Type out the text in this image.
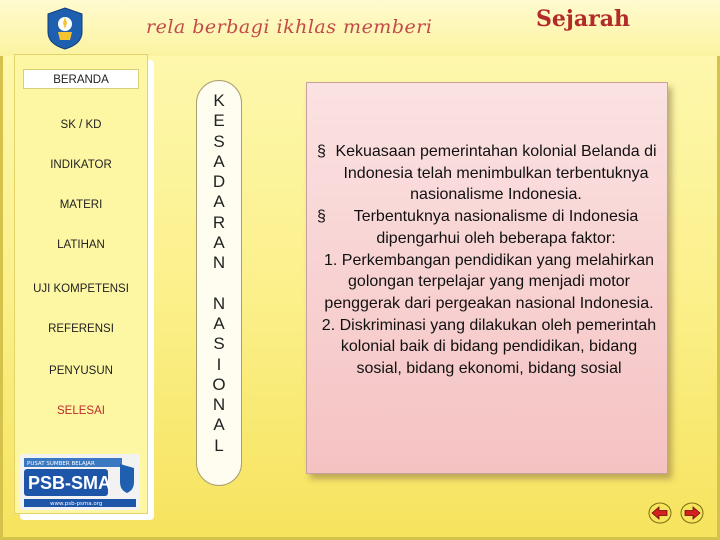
rela berbagi ikhlas memberi	Sejarah
BERANDA
SK / KD
INDIKATOR
MATERI
LATIHAN
UJI KOMPETENSI
REFERENSI
PENYUSUN
SELESAI
PUSAT SUMBER BELAJAR
PSB-SMA
www.psb-psma.org
K
E
S
A
D
A
R
A
N
N
A
S
I
O
N
A
L
§ Kekuasaan pemerintahan kolonial Belanda di Indonesia telah menimbulkan terbentuknya nasionalisme Indonesia.
§	Terbentuknya nasionalisme di Indonesia dipengarhui oleh beberapa faktor:
1. Perkembangan pendidikan yang melahirkan golongan terpelajar yang menjadi motor penggerak dari pergeakan nasional Indonesia.
2. Diskriminasi yang dilakukan oleh pemerintah kolonial baik di bidang pendidikan, bidang sosial, bidang ekonomi, bidang sosial
